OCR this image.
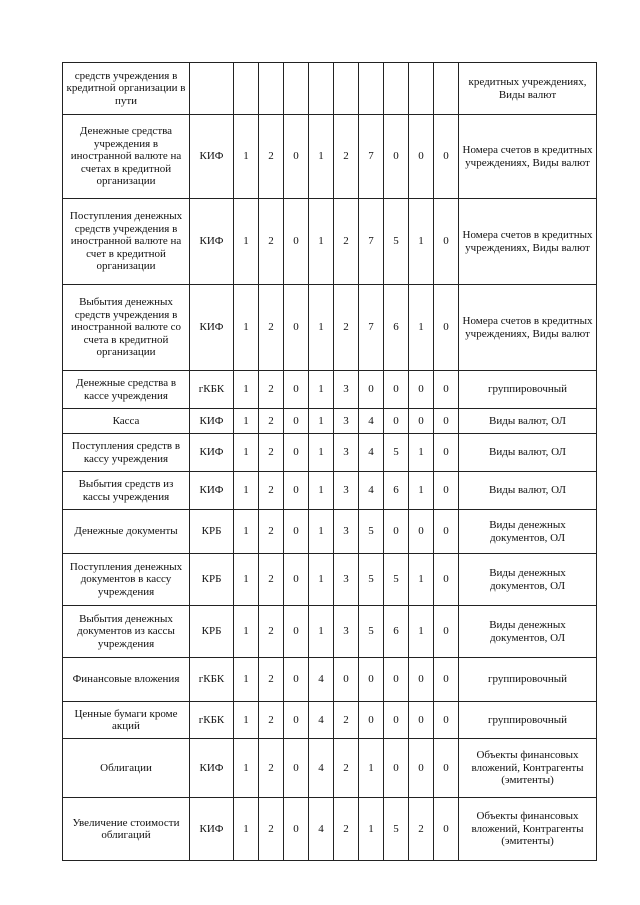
средств учреждения в кредитной организации в пути											кредитных учреждениях, Виды валют
Денежные средства учреждения в иностранной валюте на счетах в кредитной организации	КИФ	1	2	0	1	2	7	0	0	0	Номера счетов в кредитных учреждениях, Виды валют
Поступления денежных средств учреждения в иностранной валюте на счет в кредитной организации	КИФ	1	2	0	1	2	7	5	1	0	Номера счетов в кредитных учреждениях, Виды валют
Выбытия денежных средств учреждения в иностранной валюте со счета в кредитной организации	КИФ	1	2	0	1	2	7	6	1	0	Номера счетов в кредитных учреждениях, Виды валют
Денежные средства в кассе учреждения	гКБК	1	2	0	1	3	0	0	0	0	группировочный
Касса	КИФ	1	2	0	1	3	4	0	0	0	Виды валют, ОЛ
Поступления средств в кассу учреждения	КИФ	1	2	0	1	3	4	5	1	0	Виды валют, ОЛ
Выбытия средств из кассы учреждения	КИФ	1	2	0	1	3	4	6	1	0	Виды валют, ОЛ
Денежные документы	КРБ	1	2	0	1	3	5	0	0	0	Виды денежных документов, ОЛ
Поступления денежных документов в кассу учреждения	КРБ	1	2	0	1	3	5	5	1	0	Виды денежных документов, ОЛ
Выбытия денежных документов из кассы учреждения	КРБ	1	2	0	1	3	5	6	1	0	Виды денежных документов, ОЛ
Финансовые вложения	гКБК	1	2	0	4	0	0	0	0	0	группировочный
Ценные бумаги кроме акций	гКБК	1	2	0	4	2	0	0	0	0	группировочный
Облигации	КИФ	1	2	0	4	2	1	0	0	0	Объекты финансовых вложений, Контрагенты (эмитенты)
Увеличение стоимости облигаций	КИФ	1	2	0	4	2	1	5	2	0	Объекты финансовых вложений, Контрагенты (эмитенты)
